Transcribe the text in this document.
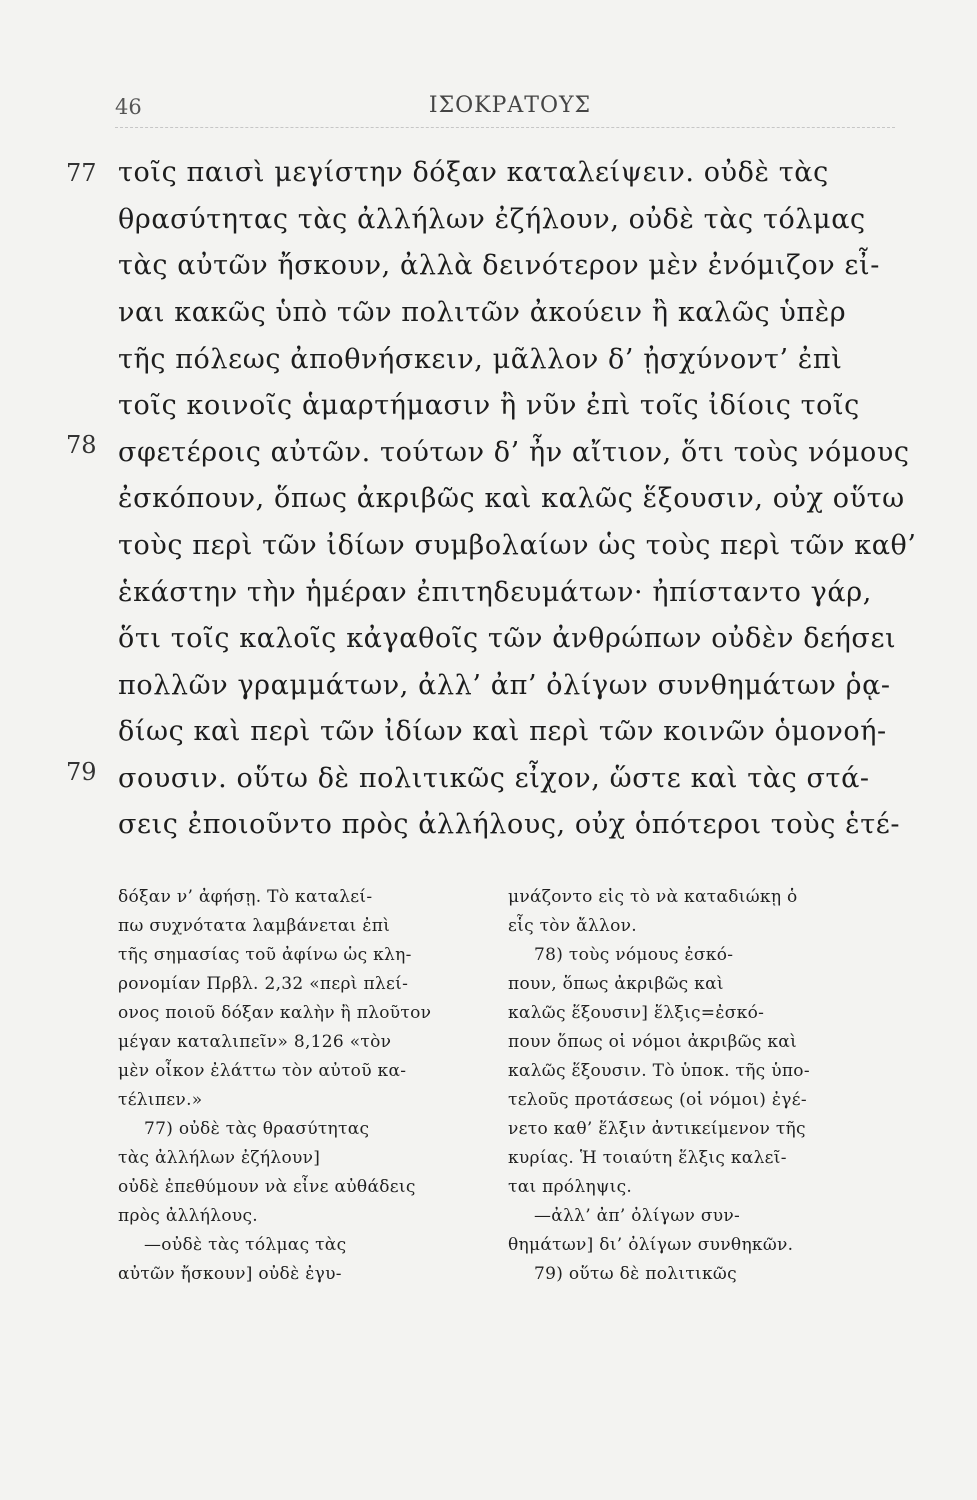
46	ΙΣΟΚΡΑΤΟΥΣ
77
78
79
τοῖς παισὶ μεγίστην δόξαν καταλείψειν. οὐδὲ τὰς
θρασύτητας τὰς ἀλλήλων ἐζήλουν, οὐδὲ τὰς τόλμας
τὰς αὐτῶν ἤσκουν, ἀλλὰ δεινότερον μὲν ἐνόμιζον εἶ-
ναι κακῶς ὑπὸ τῶν πολιτῶν ἀκούειν ἢ καλῶς ὑπὲρ
τῆς πόλεως ἀποθνήσκειν, μᾶλλον δ’ ᾐσχύνοντ’ ἐπὶ
τοῖς κοινοῖς ἁμαρτήμασιν ἢ νῦν ἐπὶ τοῖς ἰδίοις τοῖς
σφετέροις αὐτῶν. τούτων δ’ ἦν αἴτιον, ὅτι τοὺς νόμους
ἐσκόπουν, ὅπως ἀκριβῶς καὶ καλῶς ἕξουσιν, οὐχ οὕτω
τοὺς περὶ τῶν ἰδίων συμβολαίων ὡς τοὺς περὶ τῶν καθ’
ἑκάστην τὴν ἡμέραν ἐπιτηδευμάτων· ἠπίσταντο γάρ,
ὅτι τοῖς καλοῖς κἀγαθοῖς τῶν ἀνθρώπων οὐδὲν δεήσει
πολλῶν γραμμάτων, ἀλλ’ ἀπ’ ὀλίγων συνθημάτων ῥᾳ-
δίως καὶ περὶ τῶν ἰδίων καὶ περὶ τῶν κοινῶν ὁμονοή-
σουσιν. οὕτω δὲ πολιτικῶς εἶχον, ὥστε καὶ τὰς στά-
σεις ἐποιοῦντο πρὸς ἀλλήλους, οὐχ ὁπότεροι τοὺς ἑτέ-
δόξαν ν’ ἀφήσῃ. Τὸ καταλεί-
πω συχνότατα λαμβάνεται ἐπὶ
τῆς σημασίας τοῦ ἀφίνω ὡς κλη-
ρονομίαν Πρβλ. 2,32 «περὶ πλεί-
ονος ποιοῦ δόξαν καλὴν ἢ πλοῦτον
μέγαν καταλιπεῖν» 8,126 «τὸν
μὲν οἶκον ἐλάττω τὸν αὐτοῦ κα-
τέλιπεν.»
77) οὐδὲ τὰς θρασύτητας
τὰς ἀλλήλων ἐζήλουν]
οὐδὲ ἐπεθύμουν νὰ εἶνε αὐθάδεις
πρὸς ἀλλήλους.
—οὐδὲ τὰς τόλμας τὰς
αὐτῶν ἤσκουν] οὐδὲ ἐγυ-
μνάζοντο εἰς τὸ νὰ καταδιώκῃ ὁ
εἷς τὸν ἄλλον.
78) τοὺς νόμους ἐσκό-
πουν, ὅπως ἀκριβῶς καὶ
καλῶς ἕξουσιν] ἕλξις=ἐσκό-
πουν ὅπως οἱ νόμοι ἀκριβῶς καὶ
καλῶς ἕξουσιν. Τὸ ὑποκ. τῆς ὑπο-
τελοῦς προτάσεως (οἱ νόμοι) ἐγέ-
νετο καθ’ ἕλξιν ἀντικείμενον τῆς
κυρίας. Ἡ τοιαύτη ἕλξις καλεῖ-
ται πρόληψις.
—ἀλλ’ ἀπ’ ὀλίγων συν-
θημάτων] δι’ ὀλίγων συνθηκῶν.
79) οὕτω δὲ πολιτικῶς
